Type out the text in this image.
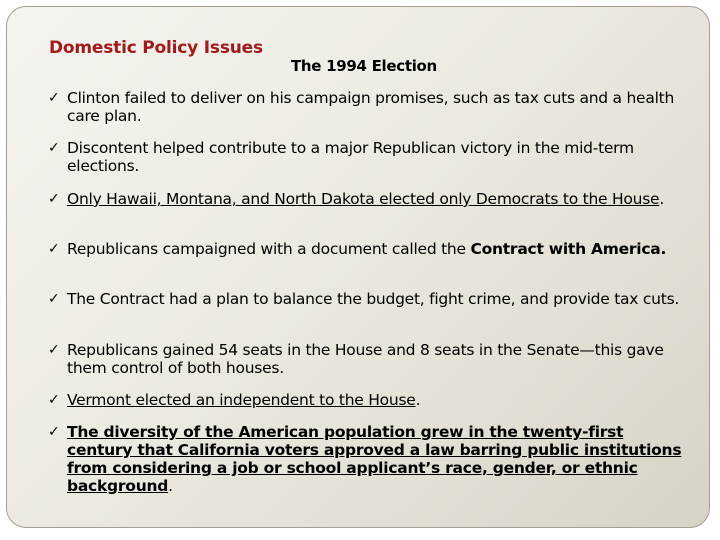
Domestic Policy Issues
The 1994 Election
✓ Clinton failed to deliver on his campaign promises, such as tax cuts and a health care plan.
✓ Discontent helped contribute to a major Republican victory in the mid-term elections.
✓ Only Hawaii, Montana, and North Dakota elected only Democrats to the House.
✓ Republicans campaigned with a document called the Contract with America.
✓ The Contract had a plan to balance the budget, fight crime, and provide tax cuts.
✓ Republicans gained 54 seats in the House and 8 seats in the Senate—this gave them control of both houses.
✓ Vermont elected an independent to the House.
✓ The diversity of the American population grew in the twenty-first century that California voters approved a law barring public institutions from considering a job or school applicant’s race, gender, or ethnic background.
